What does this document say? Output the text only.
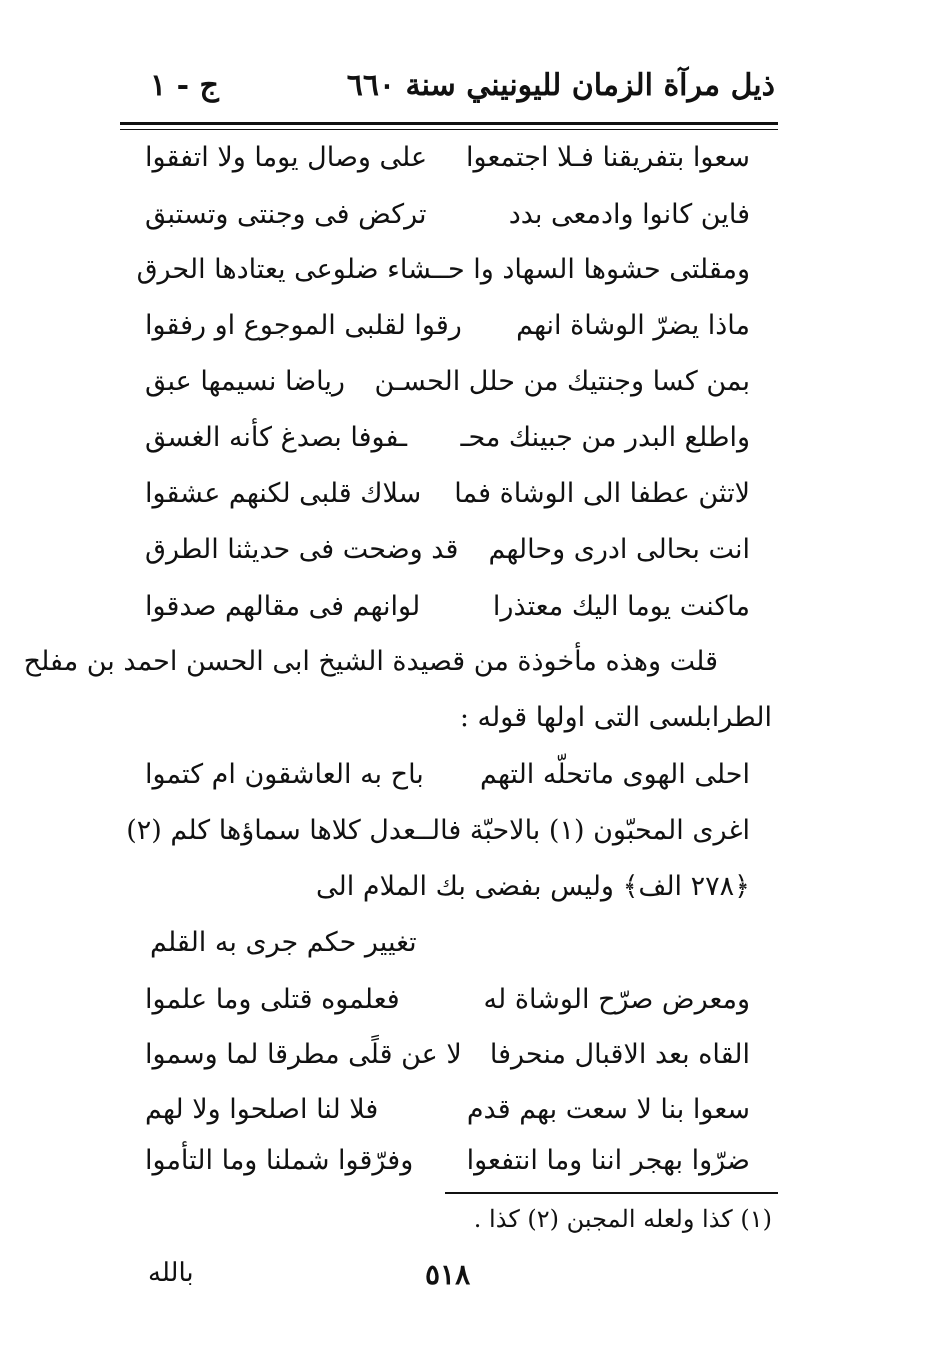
ذيل مرآة الزمان لليونيني سنة ٦٦٠
ج - ١
سعوا بتفريقنا فـلا اجتمعوا
على وصال يوما ولا اتفقوا
فاين كانوا وادمعى بدد
تركض فى وجنتى وتستبق
ومقلتى حشوها السهاد وا حـ
ـشاء ضلوعى يعتادها الحرق
ماذا يضرّ الوشاة انهم
رقوا لقلبى الموجوع او رفقوا
بمن كسا وجنتيك من حلل الحسـن
رياضا نسيمها عبق
واطلع البدر من جبينك محـ
ـفوفا بصدغ كأنه الغسق
لاتثن عطفا الى الوشاة فما
سلاك قلبى لكنهم عشقوا
انت بحالى ادرى وحالهم
قد وضحت فى حديثنا الطرق
ماكنت يوما اليك معتذرا
لوانهم فى مقالهم صدقوا
قلت وهذه مأخوذة من قصيدة الشيخ ابى الحسن احمد بن مفلح
الطرابلسى التى اولها قوله :
احلى الهوى ماتحلّه التهم
باح به العاشقون ام كتموا
اغرى المحبّون (١) بالاحبّة فالـ
ـعدل كلاها سماؤها كلم (٢)
﴿٢٧٨ الف﴾ وليس بفضى بك الملام الى
تغيير حكم جرى به القلم
ومعرض صرّح الوشاة له
فعلموه قتلى وما علموا
القاه بعد الاقبال منحرفا
لا عن قلًى مطرقا لما وسموا
سعوا بنا لا سعت بهم قدم
فلا لنا اصلحوا ولا لهم
ضرّوا بهجر اننا وما انتفعوا
وفرّقوا شملنا وما التأموا
(١) كذا ولعله المجبن (٢) كذا .
٥١٨
بالله
